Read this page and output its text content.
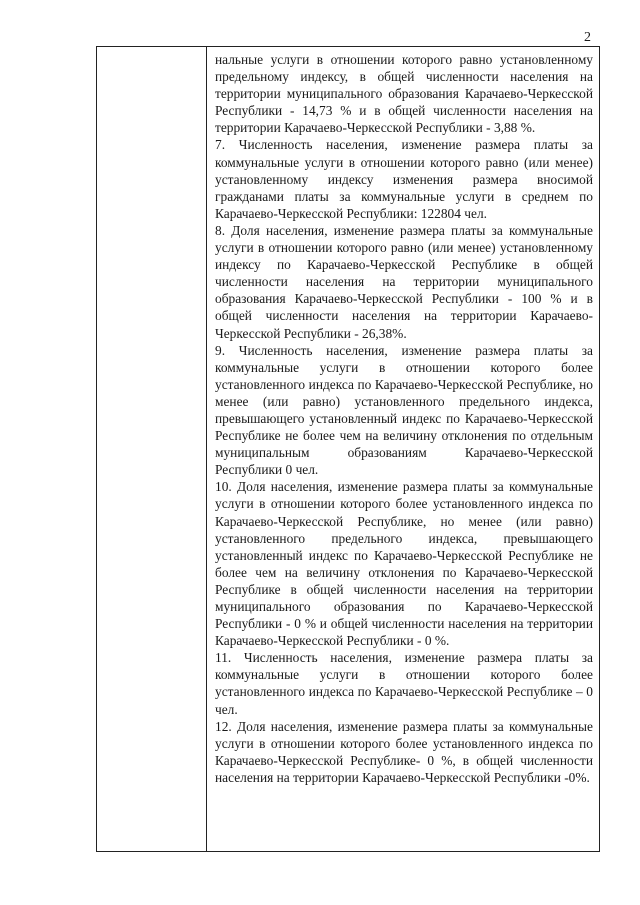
2

нальные услуги в отношении которого равно установленному предельному индексу, в общей численности населения на территории муниципального образования Карачаево-Черкесской Республики - 14,73 % и в общей численности населения на территории Карачаево-Черкесской Республики - 3,88 %.

7. Численность населения, изменение размера платы за коммунальные услуги в отношении которого равно (или менее) установленному индексу изменения размера вносимой гражданами платы за коммунальные услуги в среднем по Карачаево-Черкесской Республики: 122804 чел.

8. Доля населения, изменение размера платы за коммунальные услуги в отношении которого равно (или менее) установленному индексу по Карачаево-Черкесской Республике в общей численности населения на территории муниципального образования Карачаево-Черкесской Республики - 100 % и в общей численности населения на территории Карачаево-Черкесской Республики - 26,38%.

9. Численность населения, изменение размера платы за коммунальные услуги в отношении которого более установленного индекса по Карачаево-Черкесской Республике, но менее (или равно) установленного предельного индекса, превышающего установленный индекс по Карачаево-Черкесской Республике не более чем на величину отклонения по отдельным муниципальным образованиям Карачаево-Черкесской Республики 0 чел.

10. Доля населения, изменение размера платы за коммунальные услуги в отношении которого более установленного индекса по Карачаево-Черкесской Республике, но менее (или равно) установленного предельного индекса, превышающего установленный индекс по Карачаево-Черкесской Республике не более чем на величину отклонения по Карачаево-Черкесской Республике в общей численности населения на территории муниципального образования по Карачаево-Черкесской Республики - 0 % и общей численности населения на территории Карачаево-Черкесской Республики - 0 %.

11. Численность населения, изменение размера платы за коммунальные услуги в отношении которого более установленного индекса по Карачаево-Черкесской Республике – 0 чел.

12. Доля населения, изменение размера платы за коммунальные услуги в отношении которого более установленного индекса по Карачаево-Черкесской Республике- 0 %, в общей численности населения на территории Карачаево-Черкесской Республики -0%.
